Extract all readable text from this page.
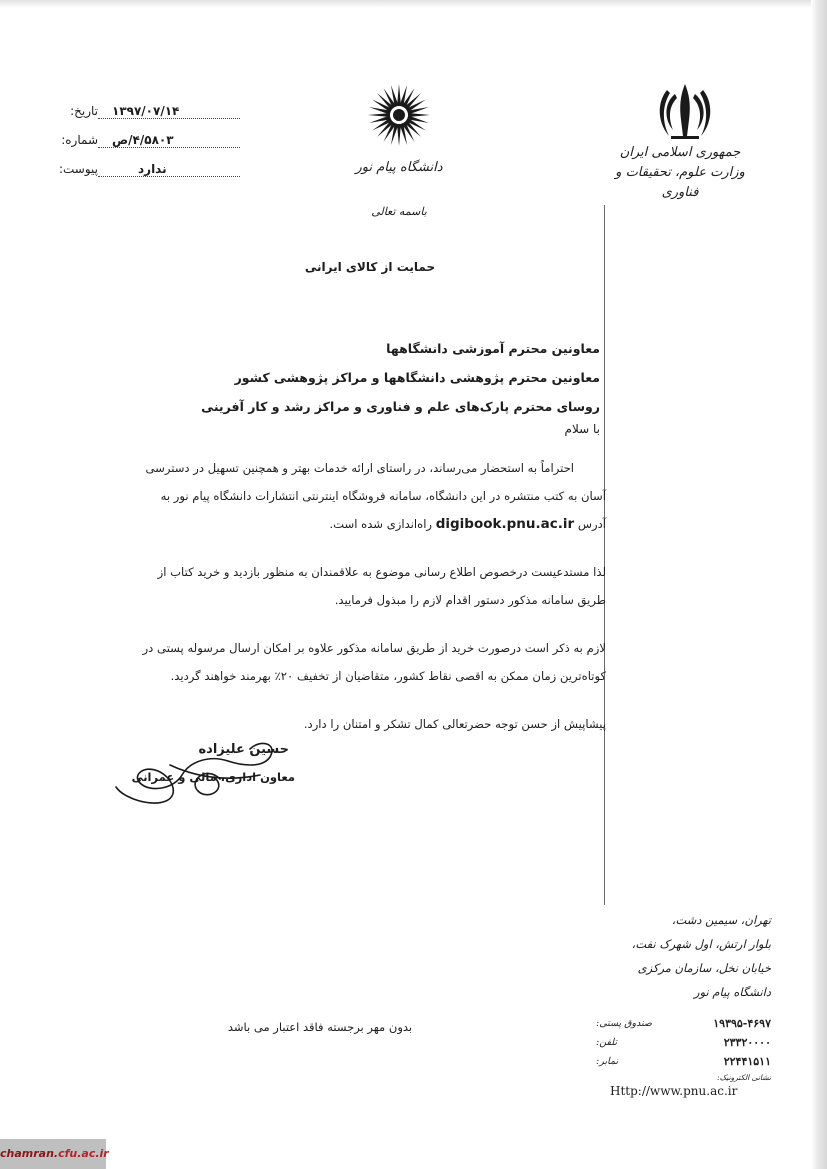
جمهوری اسلامی ایران
وزارت علوم، تحقیقات و فناوری
دانشگاه پیام نور
باسمه تعالی
حمایت از کالای ایرانی
تاریخ: ۱۳۹۷/۰۷/۱۴
شماره: ۴/۵۸۰۳/ص
پیوست:	ندارد
معاونین محترم آموزشی دانشگاهها
معاونین محترم پژوهشی دانشگاهها و مراکز پژوهشی کشور
روسای محترم پارک‌های علم و فناوری و مراکز رشد و کار آفرینی
با سلام

احتراماً به استحضار می‌رساند، در راستای ارائه خدمات بهتر و همچنین تسهیل در دسترسی

آسان به کتب منتشره در این دانشگاه، سامانه فروشگاه اینترنتی انتشارات دانشگاه پیام نور به

آدرس digibook.pnu.ac.ir راه‌اندازی شده است.

لذا مستدعیست درخصوص اطلاع رسانی موضوع به علاقمندان به منظور بازدید و خرید کتاب از

طریق سامانه مذکور دستور اقدام لازم را مبذول فرمایید.

لازم به ذکر است درصورت خرید از طریق سامانه مذکور علاوه بر امکان ارسال مرسوله پستی در

کوتاه‌ترین زمان ممکن به اقصی نقاط کشور، متقاضیان از تخفیف ۲۰٪ بهرمند خواهند گردید.

پیشاپیش از حسن توجه حضرتعالی کمال تشکر و امتنان را دارد.

حسین علیزاده
معاون اداری، مالی و عمرانی
تهران، سیمین دشت،
بلوار ارتش، اول شهرک نفت،
خیابان نخل، سازمان مرکزی
دانشگاه پیام نور
صندوق پستی:	۱۹۳۹۵-۴۶۹۷
تلفن:	۲۳۳۲۰۰۰۰
نمابر:	۲۲۴۴۱۵۱۱
نشانی الکترونیک:
Http://www.pnu.ac.ir
بدون مهر برجسته فاقد اعتبار می باشد
chamran.cfu.ac.ir
